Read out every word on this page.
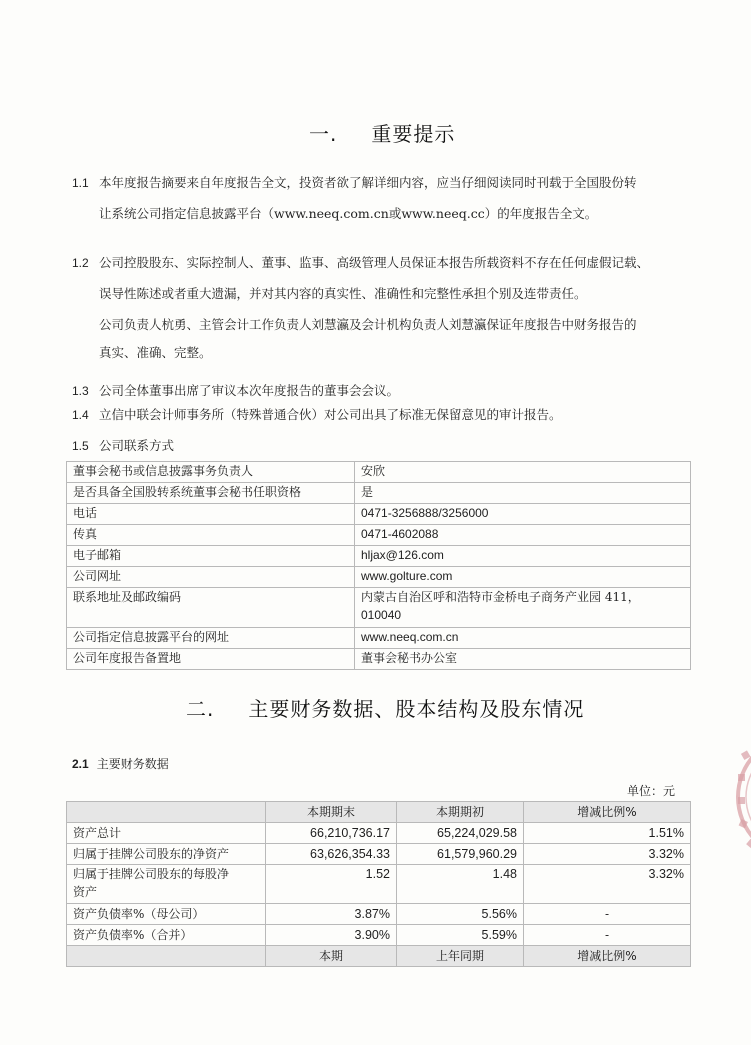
一. 重要提示
1.1 本年度报告摘要来自年度报告全文，投资者欲了解详细内容，应当仔细阅读同时刊载于全国股份转
让系统公司指定信息披露平台（www.neeq.com.cn或www.neeq.cc）的年度报告全文。
1.2 公司控股股东、实际控制人、董事、监事、高级管理人员保证本报告所载资料不存在任何虚假记载、
误导性陈述或者重大遗漏，并对其内容的真实性、准确性和完整性承担个别及连带责任。
公司负责人杭勇、主管会计工作负责人刘慧瀛及会计机构负责人刘慧瀛保证年度报告中财务报告的
真实、准确、完整。
1.3 公司全体董事出席了审议本次年度报告的董事会会议。
1.4 立信中联会计师事务所（特殊普通合伙）对公司出具了标准无保留意见的审计报告。
1.5 公司联系方式
董事会秘书或信息披露事务负责人	安欣
是否具备全国股转系统董事会秘书任职资格	是
电话	0471-3256888/3256000
传真	0471-4602088
电子邮箱	hljax@126.com
公司网址	www.golture.com
联系地址及邮政编码	内蒙古自治区呼和浩特市金桥电子商务产业园 411，
010040

公司指定信息披露平台的网址	www.neeq.com.cn
公司年度报告备置地	董事会秘书办公室
二. 主要财务数据、股本结构及股东情况
2.1 主要财务数据
单位：元
	本期期末	本期期初	增减比例%
资产总计	66,210,736.17	65,224,029.58	1.51%
归属于挂牌公司股东的净资产	63,626,354.33	61,579,960.29	3.32%

归属于挂牌公司股东的每股净
资产	1.52	1.48	3.32%
资产负债率%（母公司）	3.87%	5.56%	-
资产负债率%（合并）	3.90%	5.59%	-
	本期	上年同期	增减比例%
